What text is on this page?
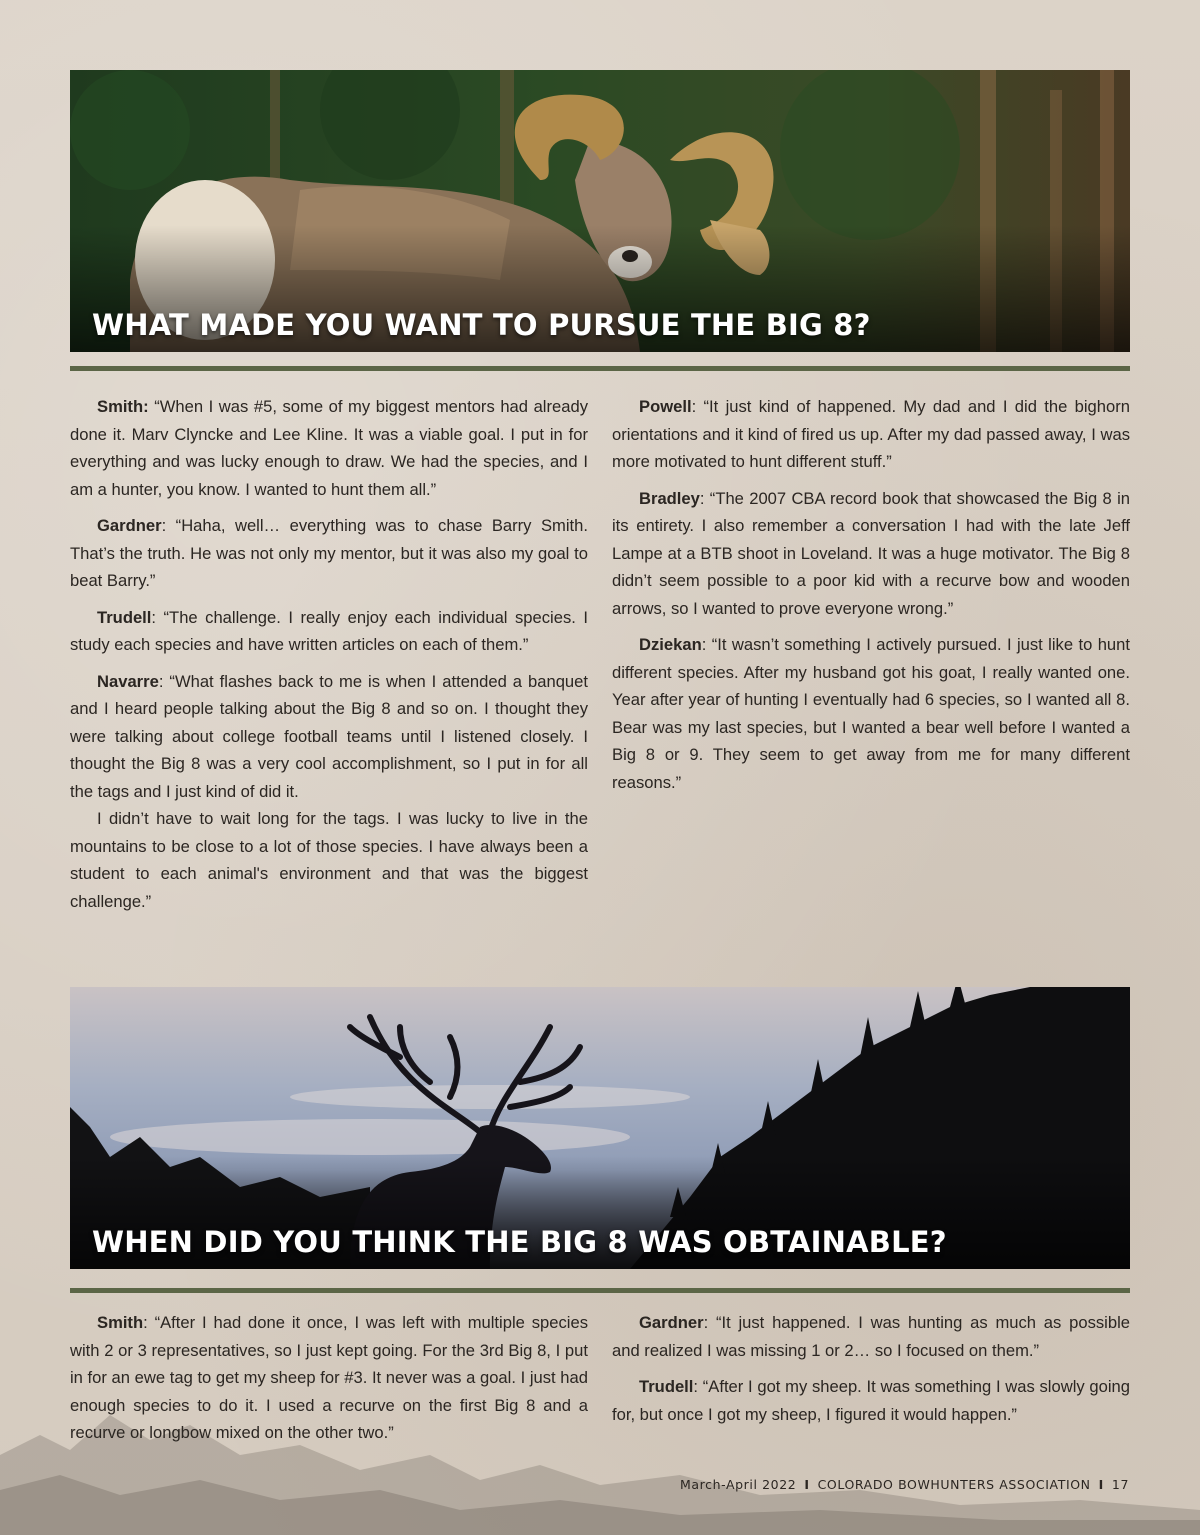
WHAT MADE YOU WANT TO PURSUE THE BIG 8?

Smith: “When I was #5, some of my biggest mentors had already done it. Marv Clyncke and Lee Kline. It was a viable goal. I put in for everything and was lucky enough to draw. We had the species, and I am a hunter, you know. I wanted to hunt them all.”

Gardner: “Haha, well… everything was to chase Barry Smith. That’s the truth. He was not only my mentor, but it was also my goal to beat Barry.”

Trudell: “The challenge. I really enjoy each individual species. I study each species and have written articles on each of them.”

Navarre: “What flashes back to me is when I attended a banquet and I heard people talking about the Big 8 and so on. I thought they were talking about college football teams until I listened closely. I thought the Big 8 was a very cool accomplishment, so I put in for all the tags and I just kind of did it.

I didn’t have to wait long for the tags. I was lucky to live in the mountains to be close to a lot of those species. I have always been a student to each animal's environment and that was the biggest challenge.”

Powell: “It just kind of happened. My dad and I did the bighorn orientations and it kind of fired us up. After my dad passed away, I was more motivated to hunt different stuff.”

Bradley: “The 2007 CBA record book that showcased the Big 8 in its entirety. I also remember a conversation I had with the late Jeff Lampe at a BTB shoot in Loveland. It was a huge motivator. The Big 8 didn’t seem possible to a poor kid with a recurve bow and wooden arrows, so I wanted to prove everyone wrong.”

Dziekan: “It wasn’t something I actively pursued. I just like to hunt different species. After my husband got his goat, I really wanted one. Year after year of hunting I eventually had 6 species, so I wanted all 8. Bear was my last species, but I wanted a bear well before I wanted a Big 8 or 9. They seem to get away from me for many different reasons.”

WHEN DID YOU THINK THE BIG 8 WAS OBTAINABLE?

Smith: “After I had done it once, I was left with multiple species with 2 or 3 representatives, so I just kept going. For the 3rd Big 8, I put in for an ewe tag to get my sheep for #3. It never was a goal. I just had enough species to do it. I used a recurve on the first Big 8 and a recurve or longbow mixed on the other two.”

Gardner: “It just happened. I was hunting as much as possible and realized I was missing 1 or 2… so I focused on them.”

Trudell: “After I got my sheep. It was something I was slowly going for, but once I got my sheep, I figured it would happen.”

March-April 2022 I COLORADO BOWHUNTERS ASSOCIATION I 17
